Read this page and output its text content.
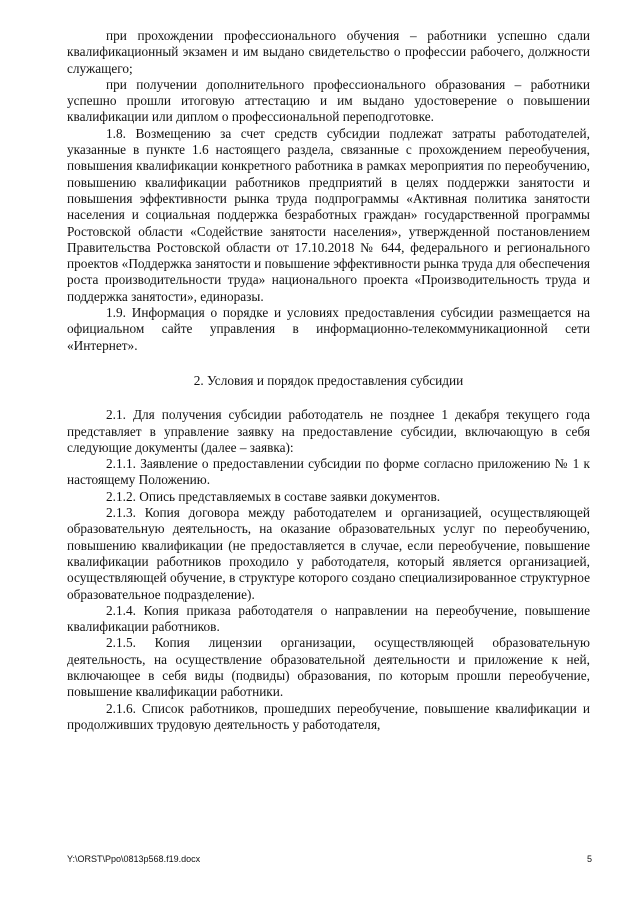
при прохождении профессионального обучения – работники успешно сдали квалификационный экзамен и им выдано свидетельство о профессии рабочего, должности служащего;

при получении дополнительного профессионального образования – работники успешно прошли итоговую аттестацию и им выдано удостоверение о повышении квалификации или диплом о профессиональной переподготовке.

1.8. Возмещению за счет средств субсидии подлежат затраты работодателей, указанные в пункте 1.6 настоящего раздела, связанные с прохождением переобучения, повышения квалификации конкретного работника в рамках мероприятия по переобучению, повышению квалификации работников предприятий в целях поддержки занятости и повышения эффективности рынка труда подпрограммы «Активная политика занятости населения и социальная поддержка безработных граждан» государственной программы Ростовской области «Содействие занятости населения», утвержденной постановлением Правительства Ростовской области от 17.10.2018 № 644, федерального и регионального проектов «Поддержка занятости и повышение эффективности рынка труда для обеспечения роста производительности труда» национального проекта «Производительность труда и поддержка занятости», единоразы.

1.9. Информация о порядке и условиях предоставления субсидии размещается на официальном сайте управления в информационно-телекоммуникационной сети «Интернет».

2. Условия и порядок предоставления субсидии

2.1. Для получения субсидии работодатель не позднее 1 декабря текущего года представляет в управление заявку на предоставление субсидии, включающую в себя следующие документы (далее – заявка):

2.1.1. Заявление о предоставлении субсидии по форме согласно приложению № 1 к настоящему Положению.

2.1.2. Опись представляемых в составе заявки документов.

2.1.3. Копия договора между работодателем и организацией, осуществляющей образовательную деятельность, на оказание образовательных услуг по переобучению, повышению квалификации (не предоставляется в случае, если переобучение, повышение квалификации работников проходило у работодателя, который является организацией, осуществляющей обучение, в структуре которого создано специализированное структурное образовательное подразделение).

2.1.4. Копия приказа работодателя о направлении на переобучение, повышение квалификации работников.

2.1.5. Копия лицензии организации, осуществляющей образовательную деятельность, на осуществление образовательной деятельности и приложение к ней, включающее в себя виды (подвиды) образования, по которым прошли переобучение, повышение квалификации работники.

2.1.6. Список работников, прошедших переобучение, повышение квалификации и продолживших трудовую деятельность у работодателя,

Y:\ORST\Ppo\0813p568.f19.docx	5
